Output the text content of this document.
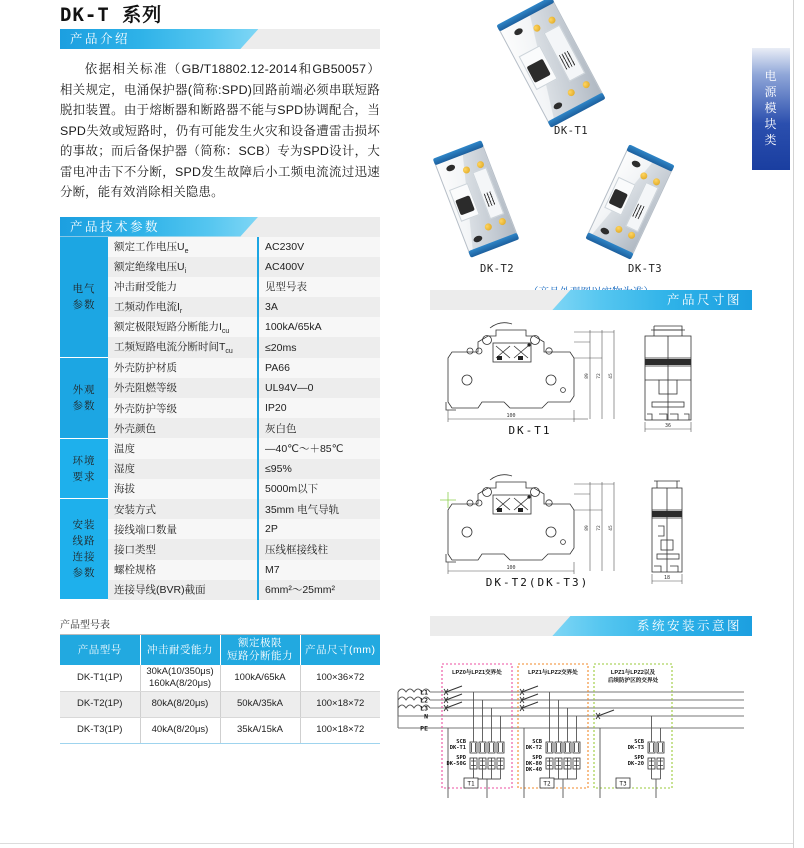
电
源
模
块
类
DK-T 系列
产品介绍
依据相关标准（GB/T18802.12-2014和GB50057）相关规定，电涌保护器(简称:SPD)回路前端必须串联短路脱扣装置。由于熔断器和断路器不能与SPD协调配合，当SPD失效或短路时，仍有可能发生火灾和设备遭雷击损坏的事故；而后备保护器（简称：SCB）专为SPD设计，大雷电冲击下不分断，SPD发生故障后小工频电流流过迅速分断，能有效消除相关隐患。
产品技术参数
电气
参数	额定工作电压$U_e$	AC230V
	额定绝缘电压$U_i$	AC400V
	冲击耐受能力	见型号表
	工频动作电流$I_r$	3A
	额定极限短路分断能力$I_{cu}$	100kA/65kA
	工频短路电流分断时间$T_{cu}$	≤20ms

外观
参数	外壳防护材质	PA66
	外壳阻燃等级	UL94V—0
	外壳防护等级	IP20
	外壳颜色	灰白色

环境
要求	温度	—40℃～＋85℃
	湿度	≤95%
	海拔	5000m以下

安装
线路
连接
参数	安装方式	35mm 电气导轨
	接线端口数量	2P
	接口类型	压线框接线柱
	螺栓规格	M7
	连接导线(BVR)截面	6mm²～25mm²
产品型号表
产品型号	冲击耐受能力	额定极限
短路分断能力	产品尺寸(mm)

DK-T1(1P)	30kA(10/350μs)
160kA(8/20μs)	100kA/65kA	100×36×72
DK-T2(1P)	80kA(8/20μs)	50kA/35kA	100×18×72
DK-T3(1P)	40kA(8/20μs)	35kA/15kA	100×18×72
DK-T1
DK-T2	DK-T3
产品尺寸图
100
89 72 45
36
DK-T1
100
89 72 45
18
DK-T2(DK-T3)
系统安装示意图
L1
L2
L3
N
PE
LPZ0与LPZ1交界处
SCB
DK-T1
SPD
DK-50G
T1
LPZ1与LPZ2交界处
SCB
DK-T2
SPD
DK-80
DK-40
T2
LPZ1与LPZ2以及
后续防护区的交界处
SCB
DK-T3
SPD
DK-20
T3
